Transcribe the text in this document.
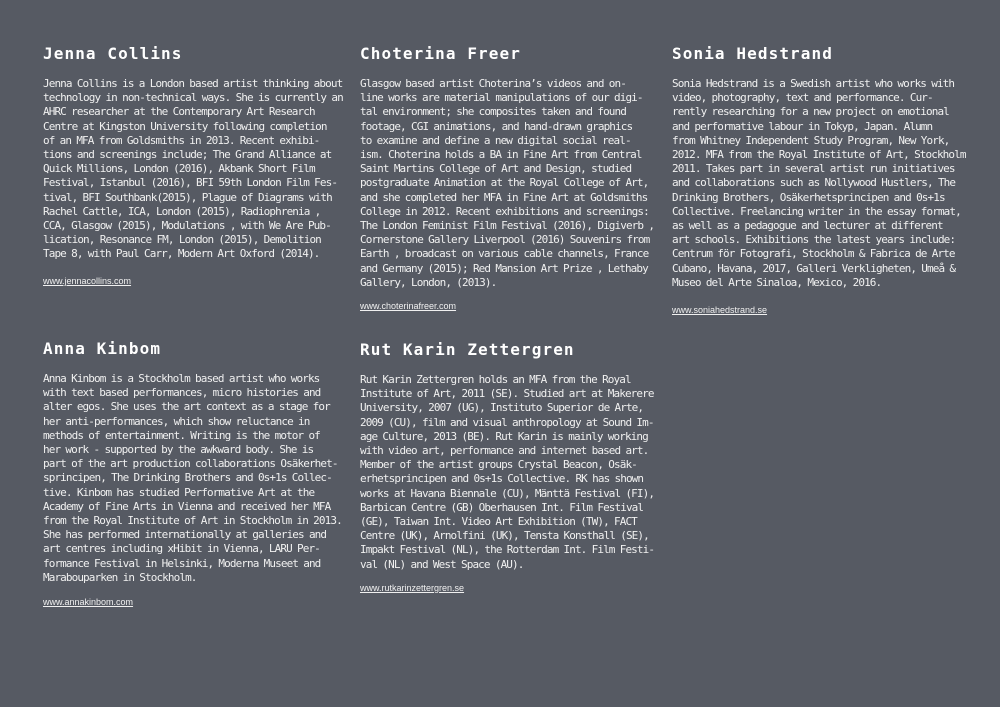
Jenna Collins
Jenna Collins is a London based artist thinking about
technology in non-technical ways. She is currently an
AHRC researcher at the Contemporary Art Research
Centre at Kingston University following completion
of an MFA from Goldsmiths in 2013. Recent exhibi-
tions and screenings include; The Grand Alliance at
Quick Millions, London (2016), Akbank Short Film
Festival, Istanbul (2016), BFI 59th London Film Fes-
tival, BFI Southbank(2015), Plague of Diagrams with
Rachel Cattle, ICA, London (2015), Radiophrenia ,
CCA, Glasgow (2015), Modulations , with We Are Pub-
lication, Resonance FM, London (2015), Demolition
Tape 8, with Paul Carr, Modern Art Oxford (2014).
www.jennacollins.com
Choterina Freer
Glasgow based artist Choterina’s videos and on-
line works are material manipulations of our digi-
tal environment; she composites taken and found
footage, CGI animations, and hand-drawn graphics
to examine and define a new digital social real-
ism. Choterina holds a BA in Fine Art from Central
Saint Martins College of Art and Design, studied
postgraduate Animation at the Royal College of Art,
and she completed her MFA in Fine Art at Goldsmiths
College in 2012. Recent exhibitions and screenings:
The London Feminist Film Festival (2016), Digiverb ,
Cornerstone Gallery Liverpool (2016) Souvenirs from
Earth , broadcast on various cable channels, France
and Germany (2015); Red Mansion Art Prize , Lethaby
Gallery, London, (2013).
www.choterinafreer.com
Sonia Hedstrand
Sonia Hedstrand is a Swedish artist who works with
video, photography, text and performance. Cur-
rently researching for a new project on emotional
and performative labour in Tokyp, Japan. Alumn
from Whitney Independent Study Program, New York,
2012. MFA from the Royal Institute of Art, Stockholm
2011. Takes part in several artist run initiatives
and collaborations such as Nollywood Hustlers, The
Drinking Brothers, Osäkerhetsprincipen and 0s+1s
Collective. Freelancing writer in the essay format,
as well as a pedagogue and lecturer at different
art schools. Exhibitions the latest years include:
Centrum för Fotografi, Stockholm & Fabrica de Arte
Cubano, Havana, 2017, Galleri Verkligheten, Umeå &
Museo del Arte Sinaloa, Mexico, 2016.
www.soniahedstrand.se
Anna Kinbom
Anna Kinbom is a Stockholm based artist who works
with text based performances, micro histories and
alter egos. She uses the art context as a stage for
her anti-performances, which show reluctance in
methods of entertainment. Writing is the motor of
her work - supported by the awkward body. She is
part of the art production collaborations Osäkerhet-
sprincipen, The Drinking Brothers and 0s+1s Collec-
tive. Kinbom has studied Performative Art at the
Academy of Fine Arts in Vienna and received her MFA
from the Royal Institute of Art in Stockholm in 2013.
She has performed internationally at galleries and
art centres including xHibit in Vienna, LARU Per-
formance Festival in Helsinki, Moderna Museet and
Marabouparken in Stockholm.
www.annakinbom.com
Rut Karin Zettergren
Rut Karin Zettergren holds an MFA from the Royal
Institute of Art, 2011 (SE). Studied art at Makerere
University, 2007 (UG), Instituto Superior de Arte,
2009 (CU), film and visual anthropology at Sound Im-
age Culture, 2013 (BE). Rut Karin is mainly working
with video art, performance and internet based art.
Member of the artist groups Crystal Beacon, Osäk-
erhetsprincipen and 0s+1s Collective. RK has shown
works at Havana Biennale (CU), Mänttä Festival (FI),
Barbican Centre (GB) Oberhausen Int. Film Festival
(GE), Taiwan Int. Video Art Exhibition (TW), FACT
Centre (UK), Arnolfini (UK), Tensta Konsthall (SE),
Impakt Festival (NL), the Rotterdam Int. Film Festi-
val (NL) and West Space (AU).
www.rutkarinzettergren.se
